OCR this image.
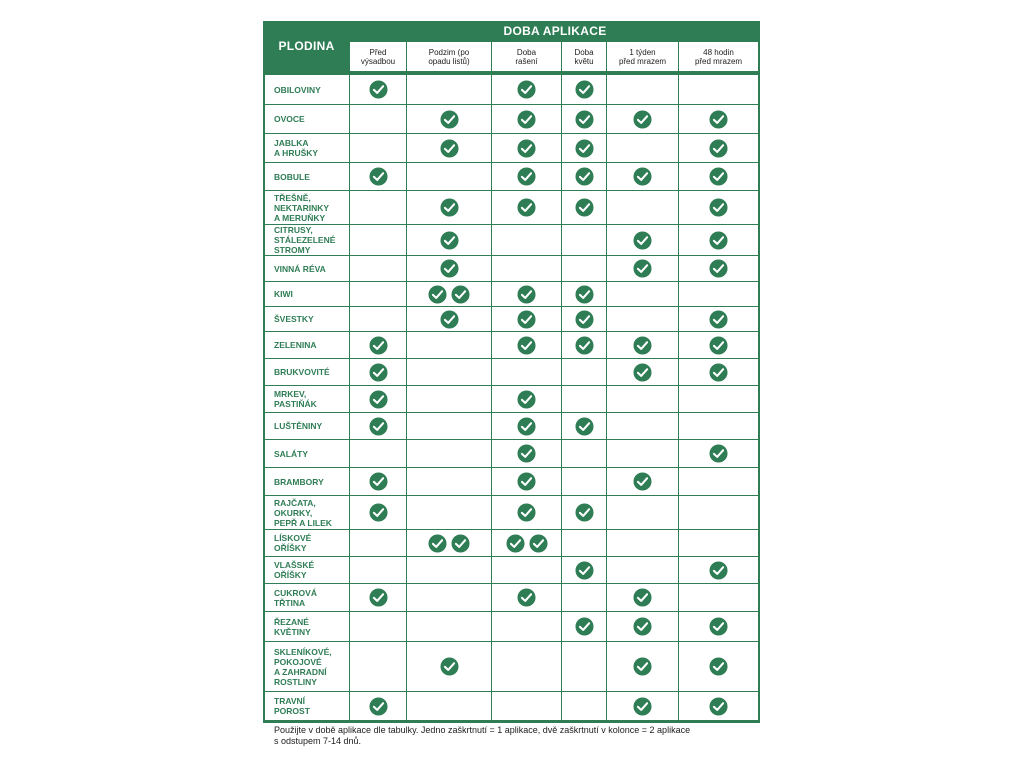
PLODINA
DOBA APLIKACE
Před
výsadbou
Podzim (po
opadu listů)
Doba
rašení
Doba
květu
1 týden
před mrazem
48 hodin
před mrazem
OBILOVINY
OVOCE
JABLKA
A HRUŠKY
BOBULE
TŘEŠNĚ,
NEKTARINKY
A MERUŇKY
CITRUSY,
STÁLEZELENÉ
STROMY
VINNÁ RÉVA
KIWI
ŠVESTKY
ZELENINA
BRUKVOVITÉ
MRKEV,
PASTIŇÁK
LUŠTĚNINY
SALÁTY
BRAMBORY
RAJČATA,
OKURKY,
PEPŘ A LILEK
LÍSKOVÉ
OŘÍŠKY
VLAŠSKÉ
OŘÍŠKY
CUKROVÁ
TŘTINA
ŘEZANÉ
KVĚTINY
SKLENÍKOVÉ,
POKOJOVÉ
A ZAHRADNÍ
ROSTLINY
TRAVNÍ
POROST
Použijte v době aplikace dle tabulky. Jedno zaškrtnutí = 1 aplikace, dvě zaškrtnutí v kolonce = 2 aplikace
s odstupem 7-14 dnů.
